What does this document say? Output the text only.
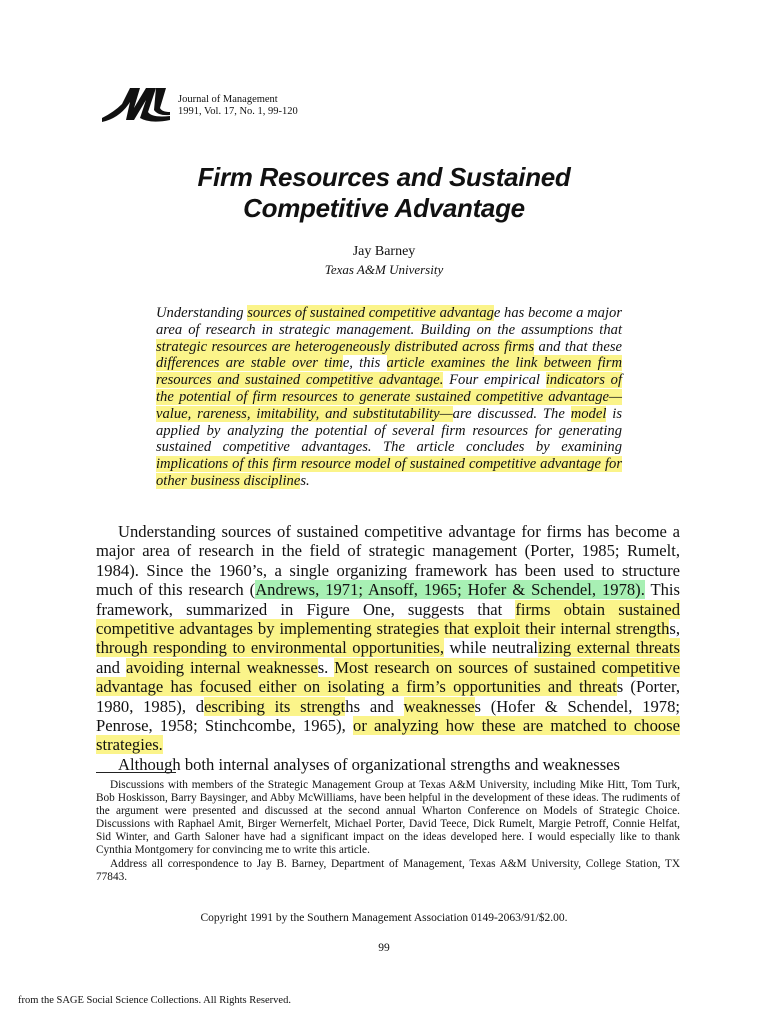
Journal of Management
1991, Vol. 17, No. 1, 99-120
Firm Resources and Sustained
Competitive Advantage
Jay Barney
Texas A&M University

Understanding sources of sustained competitive advantage has become a major area of research in strategic management. Building on the assumptions that strategic resources are heterogeneously distributed across firms and that these differences are stable over time, this article examines the link between firm resources and sustained competitive advantage. Four empirical indicators of the potential of firm resources to generate sustained competitive advantage—value, rareness, imitability, and substitutability—are discussed. The model is applied by analyzing the potential of several firm resources for generating sustained competitive advantages. The article concludes by examining implications of this firm resource model of sustained competitive advantage for other business disciplines.

Understanding sources of sustained competitive advantage for firms has become a major area of research in the field of strategic management (Porter, 1985; Rumelt, 1984). Since the 1960’s, a single organizing framework has been used to structure much of this research (Andrews, 1971; Ansoff, 1965; Hofer & Schendel, 1978). This framework, summarized in Figure One, suggests that firms obtain sustained competitive advantages by implementing strategies that exploit their internal strengths, through responding to environmental opportunities, while neutralizing external threats and avoiding internal weaknesses. Most research on sources of sustained competitive advantage has focused either on isolating a firm’s opportunities and threats (Porter, 1980, 1985), describing its strengths and weaknesses (Hofer & Schendel, 1978; Penrose, 1958; Stinchcombe, 1965), or analyzing how these are matched to choose strategies.

Although both internal analyses of organizational strengths and weaknesses

Discussions with members of the Strategic Management Group at Texas A&M University, including Mike Hitt, Tom Turk, Bob Hoskisson, Barry Baysinger, and Abby McWilliams, have been helpful in the development of these ideas. The rudiments of the argument were presented and discussed at the second annual Wharton Conference on Models of Strategic Choice. Discussions with Raphael Amit, Birger Wernerfelt, Michael Porter, David Teece, Dick Rumelt, Margie Petroff, Connie Helfat, Sid Winter, and Garth Saloner have had a significant impact on the ideas developed here. I would especially like to thank Cynthia Montgomery for convincing me to write this article.

Address all correspondence to Jay B. Barney, Department of Management, Texas A&M University, College Station, TX 77843.

Copyright 1991 by the Southern Management Association 0149-2063/91/$2.00.
99
from the SAGE Social Science Collections. All Rights Reserved.
